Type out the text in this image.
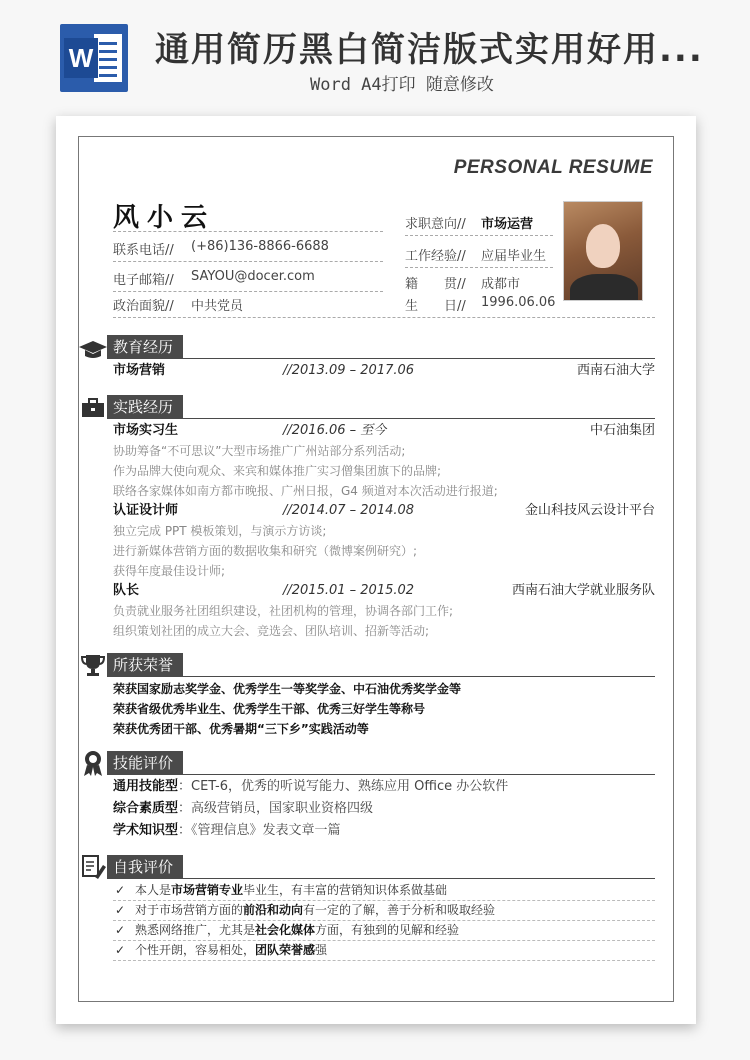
W 通用简历黑白简洁版式实用好用...
Word A4打印 随意修改
PERSONAL RESUME
风小云	求职意向// 市场运营
工作经验// 应届毕业生
籍　　贯// 成都市
生　　日// 1996.06.06
联系电话// (+86)136-8866-6688
电子邮箱// SAYOU@docer.com
政治面貌// 中共党员
教育经历
市场营销	//2013.09 – 2017.06	西南石油大学
实践经历
市场实习生	//2016.06 – 至今	中石油集团
协助筹备“不可思议”大型市场推广广州站部分系列活动;
作为品牌大使向观众、来宾和媒体推广实习僧集团旗下的品牌;
联络各家媒体如南方都市晚报、广州日报，G4 频道对本次活动进行报道;
认证设计师	//2014.07 – 2014.08	金山科技风云设计平台
独立完成 PPT 模板策划，与演示方访谈;
进行新媒体营销方面的数据收集和研究（微博案例研究）;
获得年度最佳设计师;
队长	//2015.01 – 2015.02	西南石油大学就业服务队
负责就业服务社团组织建设，社团机构的管理，协调各部门工作;
组织策划社团的成立大会、竞选会、团队培训、招新等活动;
所获荣誉
荣获国家励志奖学金、优秀学生一等奖学金、中石油优秀奖学金等
荣获省级优秀毕业生、优秀学生干部、优秀三好学生等称号
荣获优秀团干部、优秀暑期“三下乡”实践活动等
技能评价
通用技能型：CET-6，优秀的听说写能力、熟练应用 Office 办公软件
综合素质型：高级营销员，国家职业资格四级
学术知识型：《管理信息》发表文章一篇
自我评价
✓ 本人是市场营销专业毕业生，有丰富的营销知识体系做基础
✓ 对于市场营销方面的前沿和动向有一定的了解，善于分析和吸取经验
✓ 熟悉网络推广，尤其是社会化媒体方面，有独到的见解和经验
✓ 个性开朗，容易相处，团队荣誉感强
